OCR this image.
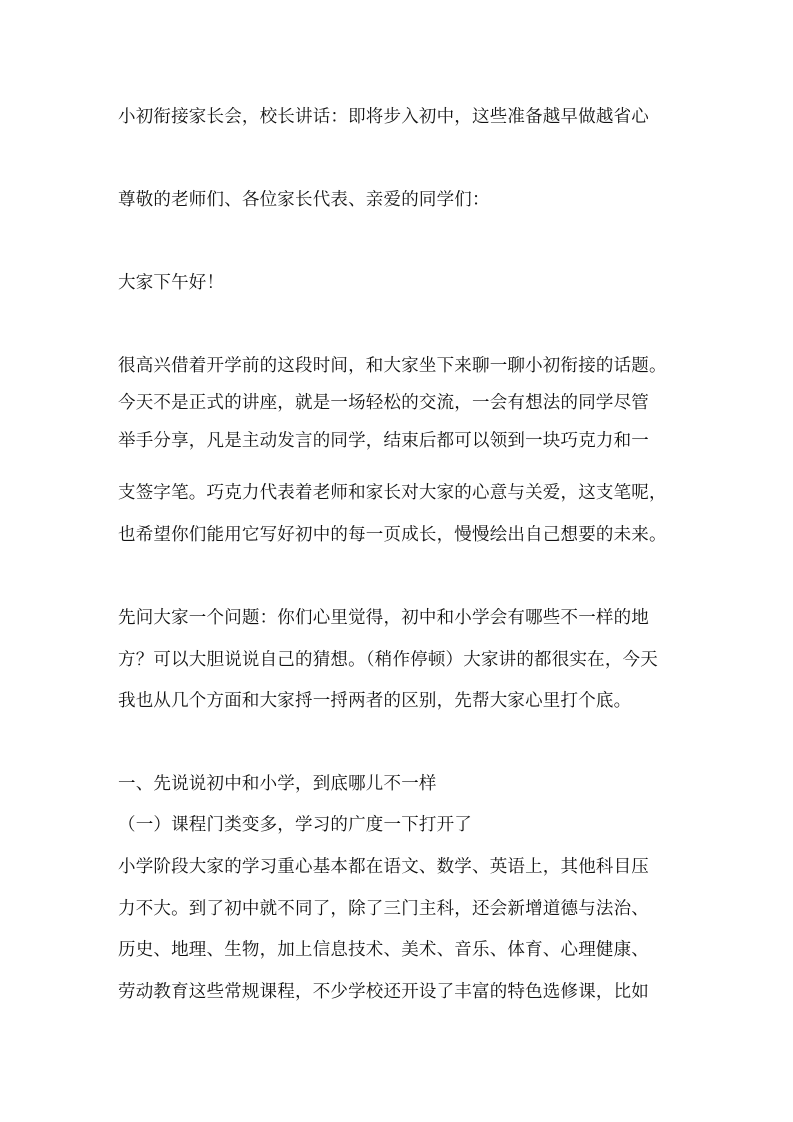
小初衔接家长会，校长讲话：即将步入初中，这些准备越早做越省心
尊敬的老师们、各位家长代表、亲爱的同学们：
大家下午好！
很高兴借着开学前的这段时间，和大家坐下来聊一聊小初衔接的话题。
今天不是正式的讲座，就是一场轻松的交流，一会有想法的同学尽管
举手分享，凡是主动发言的同学，结束后都可以领到一块巧克力和一
支签字笔。巧克力代表着老师和家长对大家的心意与关爱，这支笔呢，
也希望你们能用它写好初中的每一页成长，慢慢绘出自己想要的未来。
先问大家一个问题：你们心里觉得，初中和小学会有哪些不一样的地
方？可以大胆说说自己的猜想。（稍作停顿）大家讲的都很实在，今天
我也从几个方面和大家捋一捋两者的区别，先帮大家心里打个底。
一、先说说初中和小学，到底哪儿不一样
（一）课程门类变多，学习的广度一下打开了
小学阶段大家的学习重心基本都在语文、数学、英语上，其他科目压
力不大。到了初中就不同了，除了三门主科，还会新增道德与法治、
历史、地理、生物，加上信息技术、美术、音乐、体育、心理健康、
劳动教育这些常规课程，不少学校还开设了丰富的特色选修课，比如
